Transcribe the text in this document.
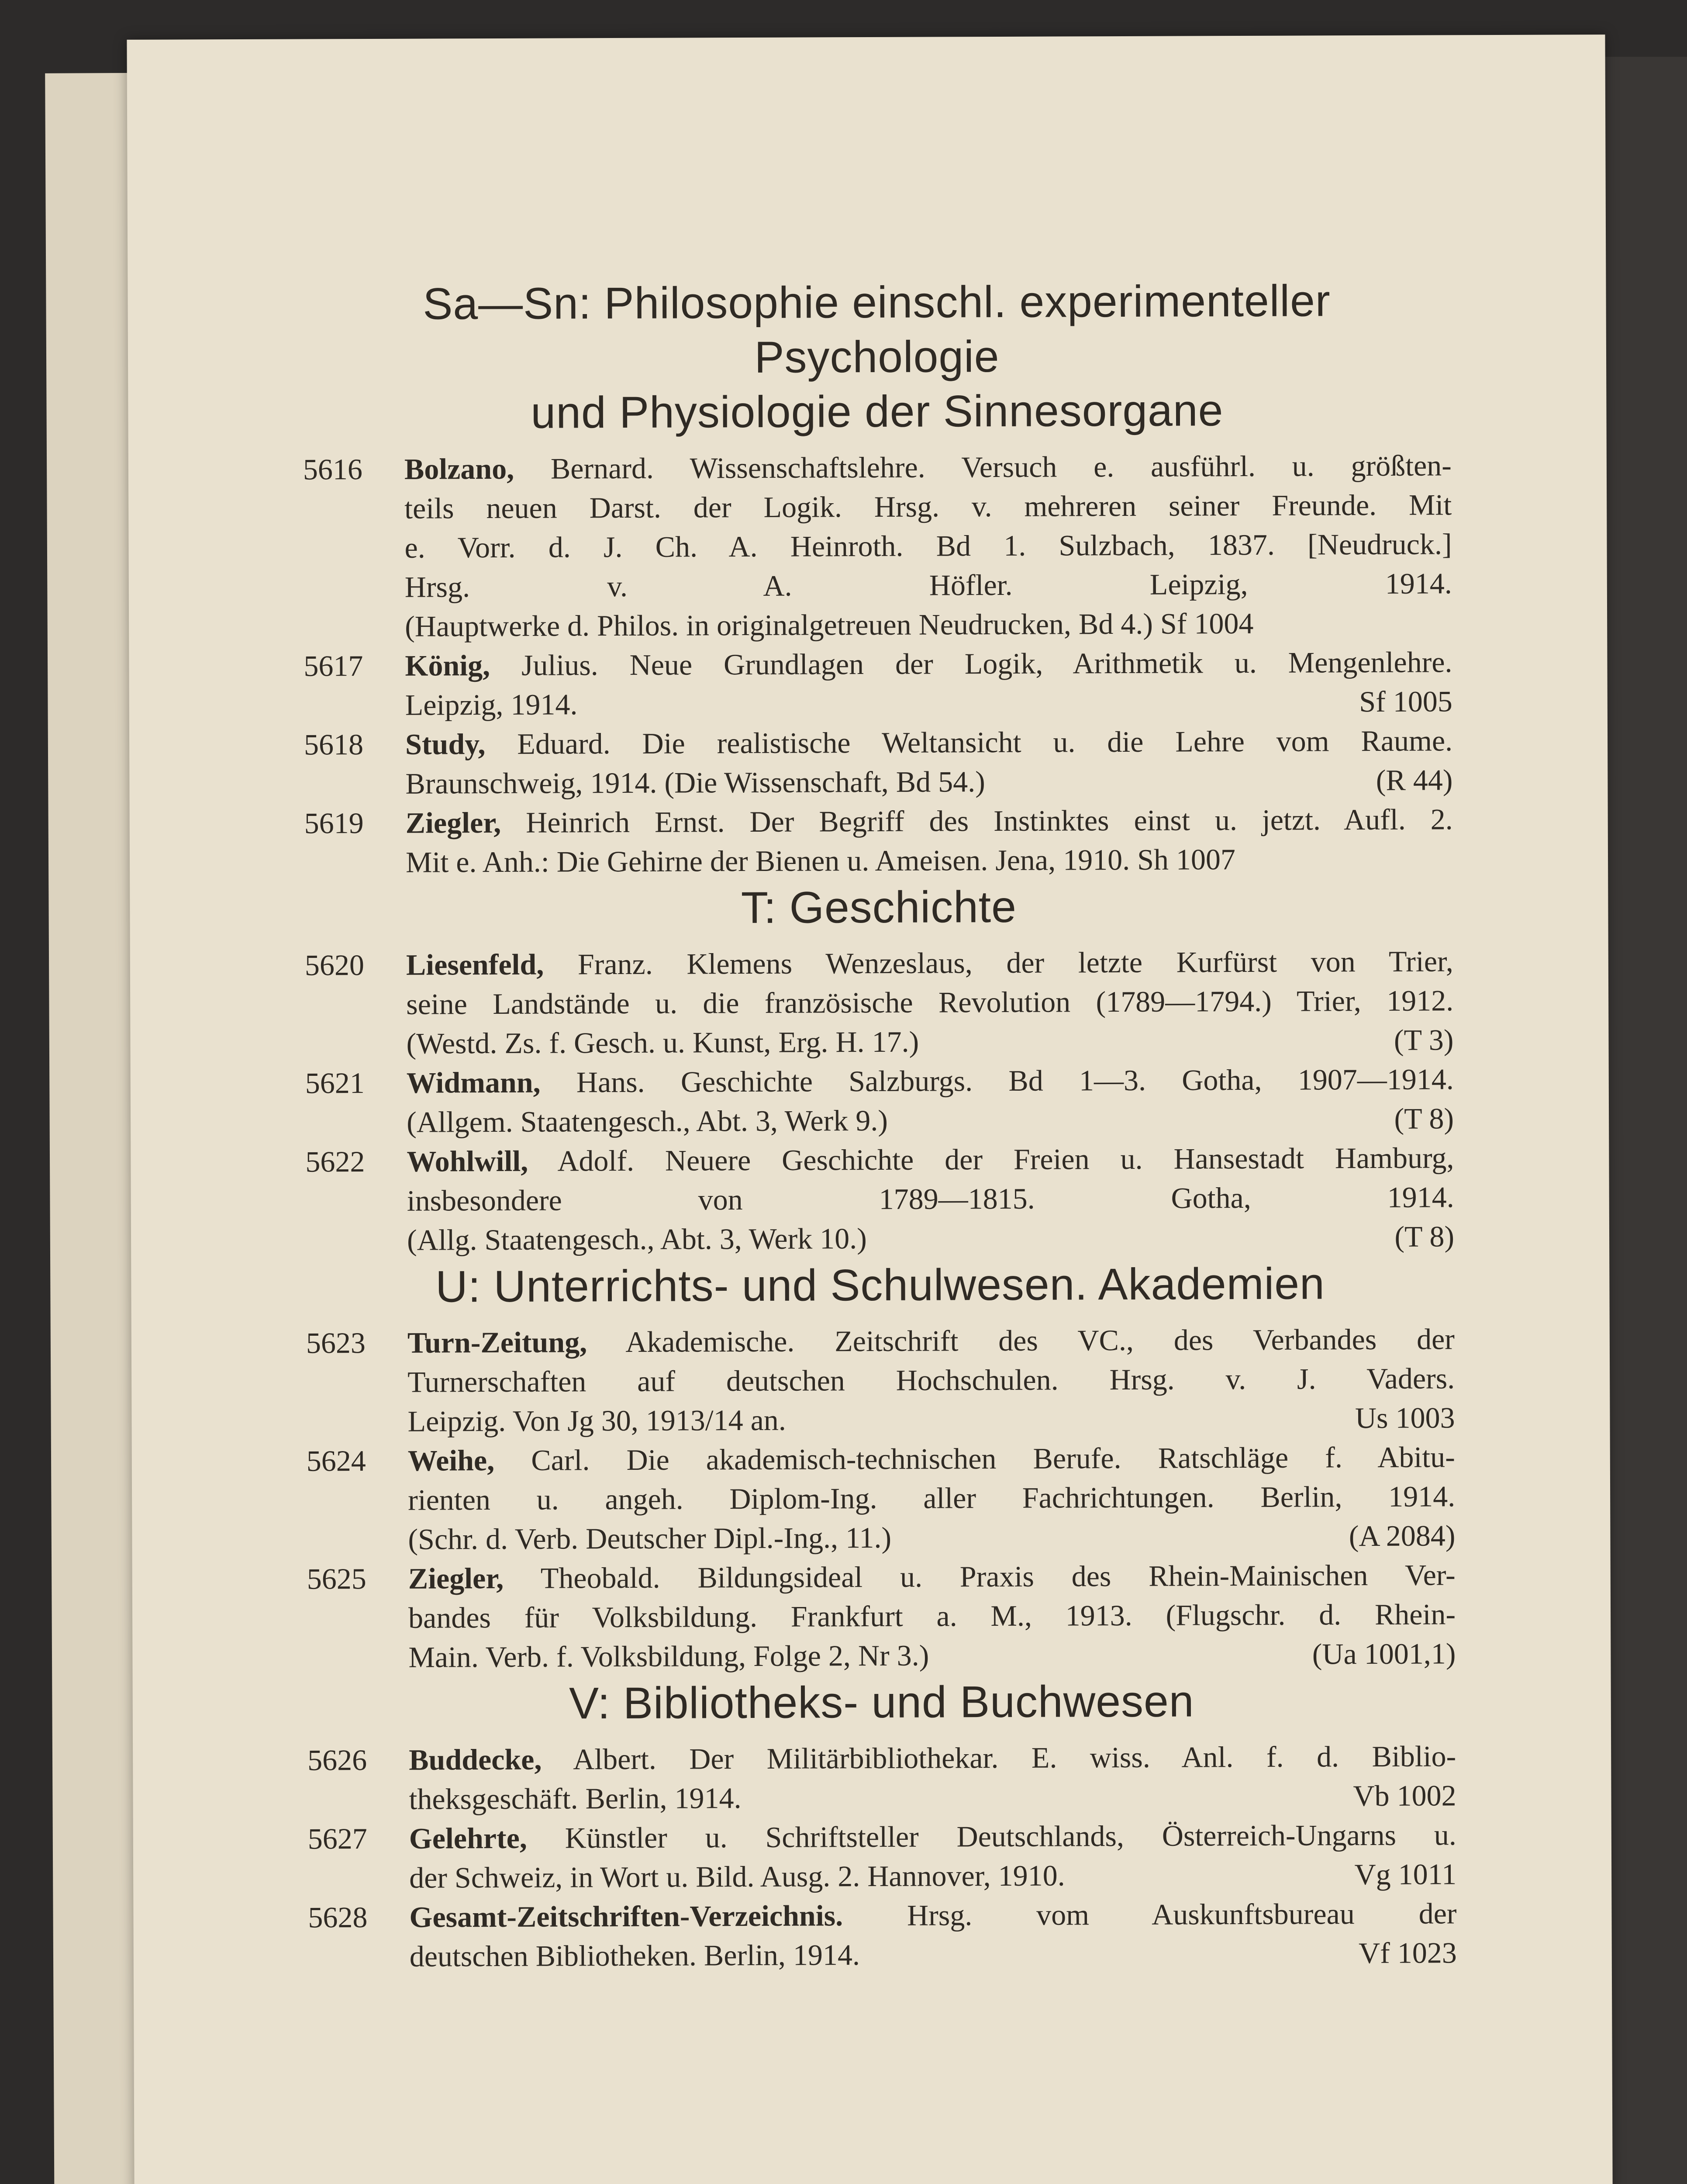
Sa—Sn: Philosophie einschl. experimenteller Psychologie
und Physiologie der Sinnesorgane
5616	Bolzano, Bernard. Wissenschaftslehre. Versuch e. ausführl. u. größten-
teils neuen Darst. der Logik. Hrsg. v. mehreren seiner Freunde. Mit
e. Vorr. d. J. Ch. A. Heinroth. Bd 1. Sulzbach, 1837. [Neudruck.]
Hrsg. v. A. Höfler. Leipzig, 1914.
(Hauptwerke d. Philos. in originalgetreuen Neudrucken, Bd 4.) Sf 1004
5617	König, Julius. Neue Grundlagen der Logik, Arithmetik u. Mengenlehre.
Leipzig, 1914.	Sf 1005
5618	Study, Eduard. Die realistische Weltansicht u. die Lehre vom Raume.
Braunschweig, 1914. (Die Wissenschaft, Bd 54.)	(R 44)
5619	Ziegler, Heinrich Ernst. Der Begriff des Instinktes einst u. jetzt. Aufl. 2.
Mit e. Anh.: Die Gehirne der Bienen u. Ameisen. Jena, 1910. Sh 1007
T: Geschichte
5620	Liesenfeld, Franz. Klemens Wenzeslaus, der letzte Kurfürst von Trier,
seine Landstände u. die französische Revolution (1789—1794.) Trier, 1912.
(Westd. Zs. f. Gesch. u. Kunst, Erg. H. 17.)	(T 3)
5621	Widmann, Hans. Geschichte Salzburgs. Bd 1—3. Gotha, 1907—1914.
(Allgem. Staatengesch., Abt. 3, Werk 9.)	(T 8)
5622	Wohlwill, Adolf. Neuere Geschichte der Freien u. Hansestadt Hamburg,
insbesondere von 1789—1815. Gotha, 1914.
(Allg. Staatengesch., Abt. 3, Werk 10.)	(T 8)
U: Unterrichts- und Schulwesen. Akademien
5623	Turn-Zeitung, Akademische. Zeitschrift des VC., des Verbandes der
Turnerschaften auf deutschen Hochschulen. Hrsg. v. J. Vaders.
Leipzig. Von Jg 30, 1913/14 an.	Us 1003
5624	Weihe, Carl. Die akademisch-technischen Berufe. Ratschläge f. Abitu-
rienten u. angeh. Diplom-Ing. aller Fachrichtungen. Berlin, 1914.
(Schr. d. Verb. Deutscher Dipl.-Ing., 11.)	(A 2084)
5625	Ziegler, Theobald. Bildungsideal u. Praxis des Rhein-Mainischen Ver-
bandes für Volksbildung. Frankfurt a. M., 1913. (Flugschr. d. Rhein-
Main. Verb. f. Volksbildung, Folge 2, Nr 3.)	(Ua 1001,1)
V: Bibliotheks- und Buchwesen
5626	Buddecke, Albert. Der Militärbibliothekar. E. wiss. Anl. f. d. Biblio-
theksgeschäft. Berlin, 1914.	Vb 1002
5627	Gelehrte, Künstler u. Schriftsteller Deutschlands, Österreich-Ungarns u.
der Schweiz, in Wort u. Bild. Ausg. 2. Hannover, 1910.	Vg 1011
5628	Gesamt-Zeitschriften-Verzeichnis. Hrsg. vom Auskunftsbureau der
deutschen Bibliotheken. Berlin, 1914.	Vf 1023
